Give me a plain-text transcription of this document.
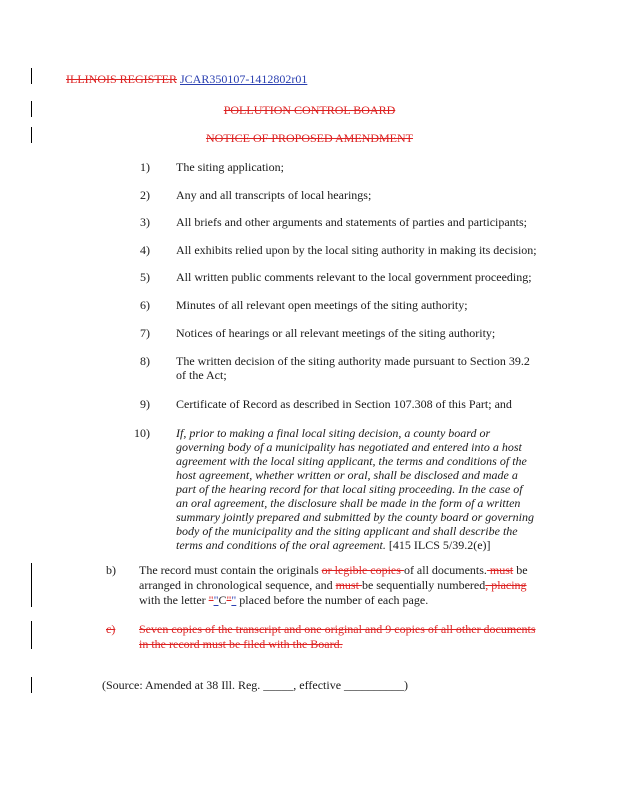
ILLINOIS REGISTER JCAR350107-1412802r01
POLLUTION CONTROL BOARD
NOTICE OF PROPOSED AMENDMENT
1) The siting application;
2) Any and all transcripts of local hearings;
3) All briefs and other arguments and statements of parties and participants;
4) All exhibits relied upon by the local siting authority in making its decision;
5) All written public comments relevant to the local government proceeding;
6) Minutes of all relevant open meetings of the siting authority;
7) Notices of hearings or all relevant meetings of the siting authority;
8) The written decision of the siting authority made pursuant to Section 39.2
of the Act;
9) Certificate of Record as described in Section 107.308 of this Part; and
10) If, prior to making a final local siting decision, a county board or
governing body of a municipality has negotiated and entered into a host
agreement with the local siting applicant, the terms and conditions of the
host agreement, whether written or oral, shall be disclosed and made a
part of the hearing record for that local siting proceeding. In the case of
an oral agreement, the disclosure shall be made in the form of a written
summary jointly prepared and submitted by the county board or governing
body of the municipality and the siting applicant and shall describe the
terms and conditions of the oral agreement. [415 ILCS 5/39.2(e)]
b) The record must contain the originals or legible copies of all documents. must be
arranged in chronological sequence, and must be sequentially numbered, placing
with the letter ""C"" placed before the number of each page.
c) Seven copies of the transcript and one original and 9 copies of all other documents
in the record must be filed with the Board.
(Source: Amended at 38 Ill. Reg. _____, effective __________)
